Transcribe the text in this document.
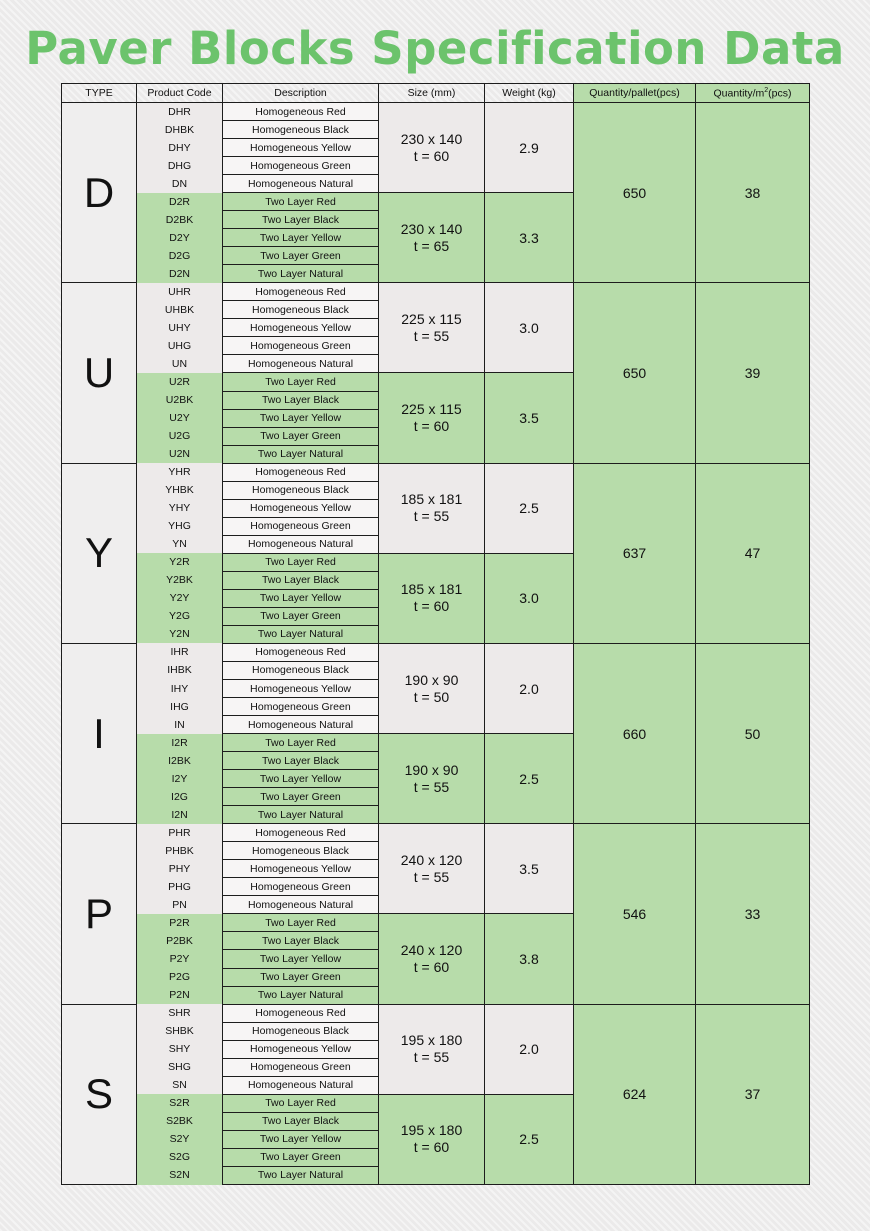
Paver Blocks Specification Data
TYPE	Product Code	Description	Size (mm)	Weight (kg)	Quantity/pallet(pcs)	Quantity/$m^2(pcs)$
D	DHR	Homogeneous Red	230 x 140
t = 60	2.9	650	38
	DHBK	Homogeneous Black				
	DHY	Homogeneous Yellow				
	DHG	Homogeneous Green				
	DN	Homogeneous Natural				
	D2R	Two Layer Red	230 x 140
t = 65	3.3		
	D2BK	Two Layer Black				
	D2Y	Two Layer Yellow				
	D2G	Two Layer Green				
	D2N	Two Layer Natural				
U	UHR	Homogeneous Red	225 x 115
t = 55	3.0	650	39
	UHBK	Homogeneous Black				
	UHY	Homogeneous Yellow				
	UHG	Homogeneous Green				
	UN	Homogeneous Natural				
	U2R	Two Layer Red	225 x 115
t = 60	3.5		
	U2BK	Two Layer Black				
	U2Y	Two Layer Yellow				
	U2G	Two Layer Green				
	U2N	Two Layer Natural				
Y	YHR	Homogeneous Red	185 x 181
t = 55	2.5	637	47
	YHBK	Homogeneous Black				
	YHY	Homogeneous Yellow				
	YHG	Homogeneous Green				
	YN	Homogeneous Natural				
	Y2R	Two Layer Red	185 x 181
t = 60	3.0		
	Y2BK	Two Layer Black				
	Y2Y	Two Layer Yellow				
	Y2G	Two Layer Green				
	Y2N	Two Layer Natural				
I	IHR	Homogeneous Red	190 x 90
t = 50	2.0	660	50
	IHBK	Homogeneous Black				
	IHY	Homogeneous Yellow				
	IHG	Homogeneous Green				
	IN	Homogeneous Natural				
	I2R	Two Layer Red	190 x 90
t = 55	2.5		
	I2BK	Two Layer Black				
	I2Y	Two Layer Yellow				
	I2G	Two Layer Green				
	I2N	Two Layer Natural				
P	PHR	Homogeneous Red	240 x 120
t = 55	3.5	546	33
	PHBK	Homogeneous Black				
	PHY	Homogeneous Yellow				
	PHG	Homogeneous Green				
	PN	Homogeneous Natural				
	P2R	Two Layer Red	240 x 120
t = 60	3.8		
	P2BK	Two Layer Black				
	P2Y	Two Layer Yellow				
	P2G	Two Layer Green				
	P2N	Two Layer Natural				
S	SHR	Homogeneous Red	195 x 180
t = 55	2.0	624	37
	SHBK	Homogeneous Black				
	SHY	Homogeneous Yellow				
	SHG	Homogeneous Green				
	SN	Homogeneous Natural				
	S2R	Two Layer Red	195 x 180
t = 60	2.5		
	S2BK	Two Layer Black				
	S2Y	Two Layer Yellow				
	S2G	Two Layer Green				
	S2N	Two Layer Natural				
